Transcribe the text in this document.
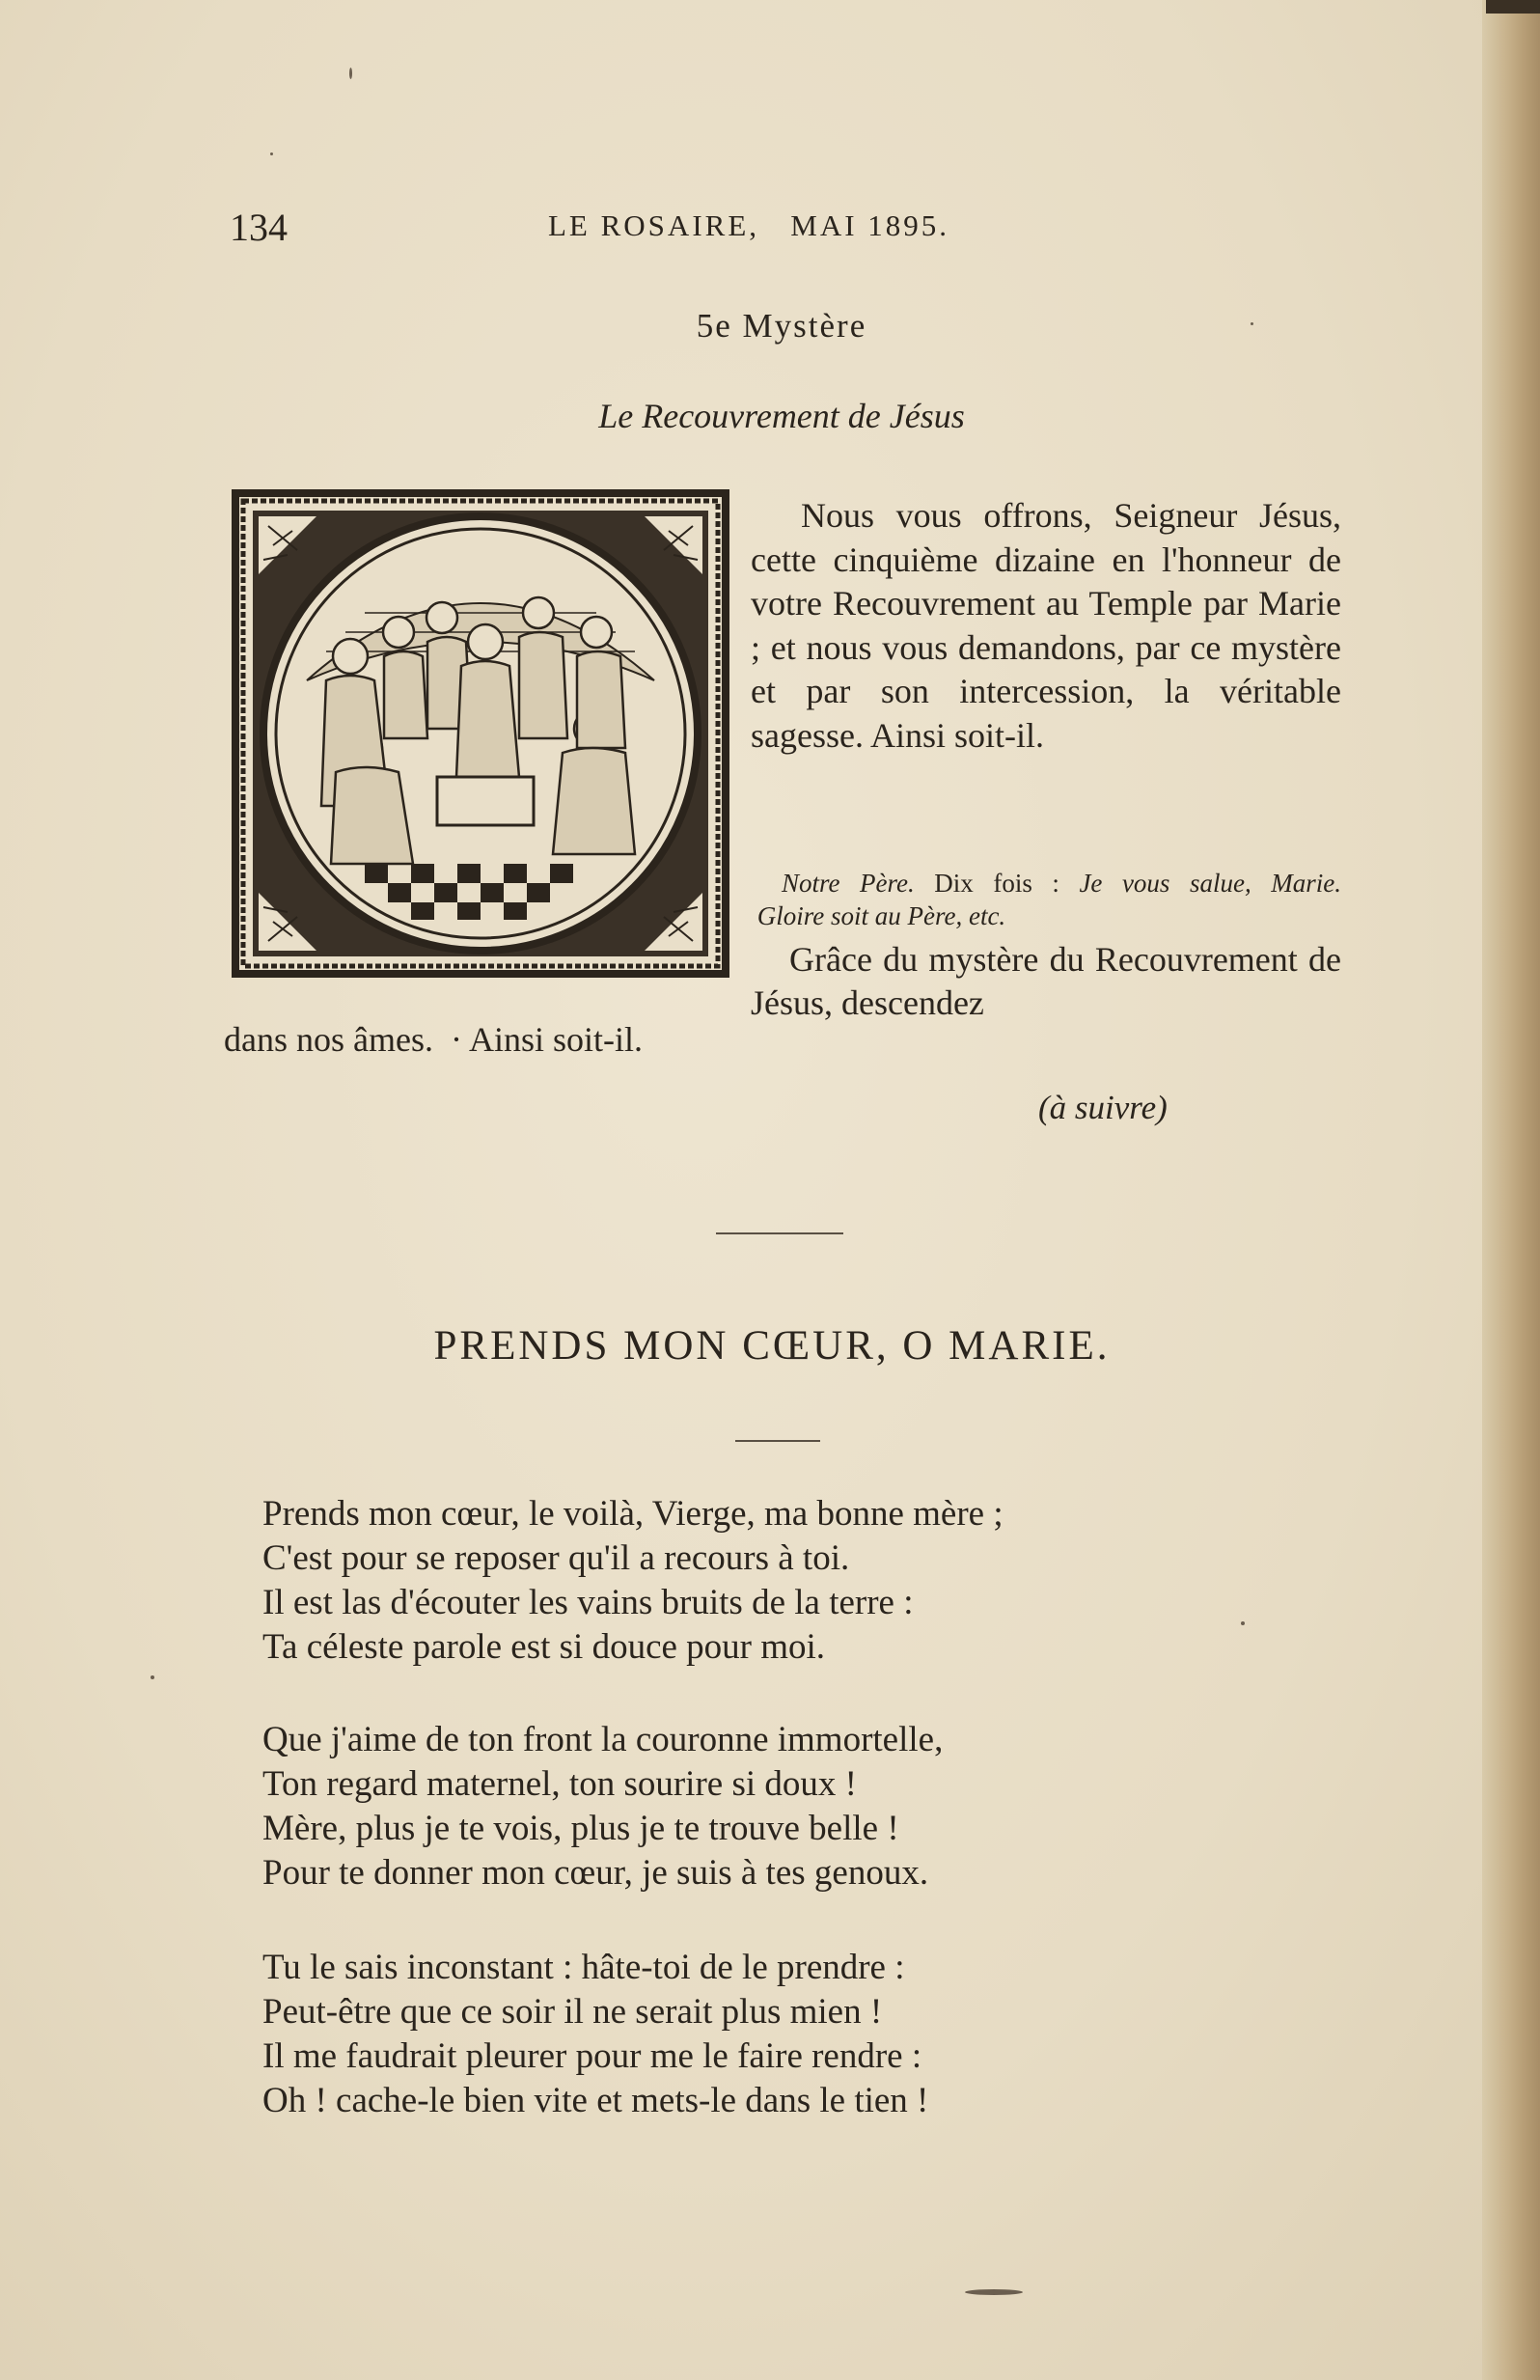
134	LE ROSAIRE,   MAI 1895.
5e Mystère
Le Recouvrement de Jésus

Nous vous offrons, Seigneur Jésus, cette cinquième dizaine en l'honneur de votre Recouvrement au Temple par Marie ; et nous vous demandons, par ce mystère et par son intercession, la véritable sagesse. Ainsi soit-il.

Notre Père. Dix fois : Je vous salue, Marie. Gloire soit au Père, etc.

Grâce du mystère du Recouvrement de Jésus, descendez

dans nos âmes.  · Ainsi soit-il.
(à suivre)
PRENDS MON CŒUR, O MARIE.
Prends mon cœur, le voilà, Vierge, ma bonne mère ;
C'est pour se reposer qu'il a recours à toi.
Il est las d'écouter les vains bruits de la terre :
Ta céleste parole est si douce pour moi.
Que j'aime de ton front la couronne immortelle,
Ton regard maternel, ton sourire si doux !
Mère, plus je te vois, plus je te trouve belle !
Pour te donner mon cœur, je suis à tes genoux.
Tu le sais inconstant : hâte-toi de le prendre :
Peut-être que ce soir il ne serait plus mien !
Il me faudrait pleurer pour me le faire rendre :
Oh ! cache-le bien vite et mets-le dans le tien !
